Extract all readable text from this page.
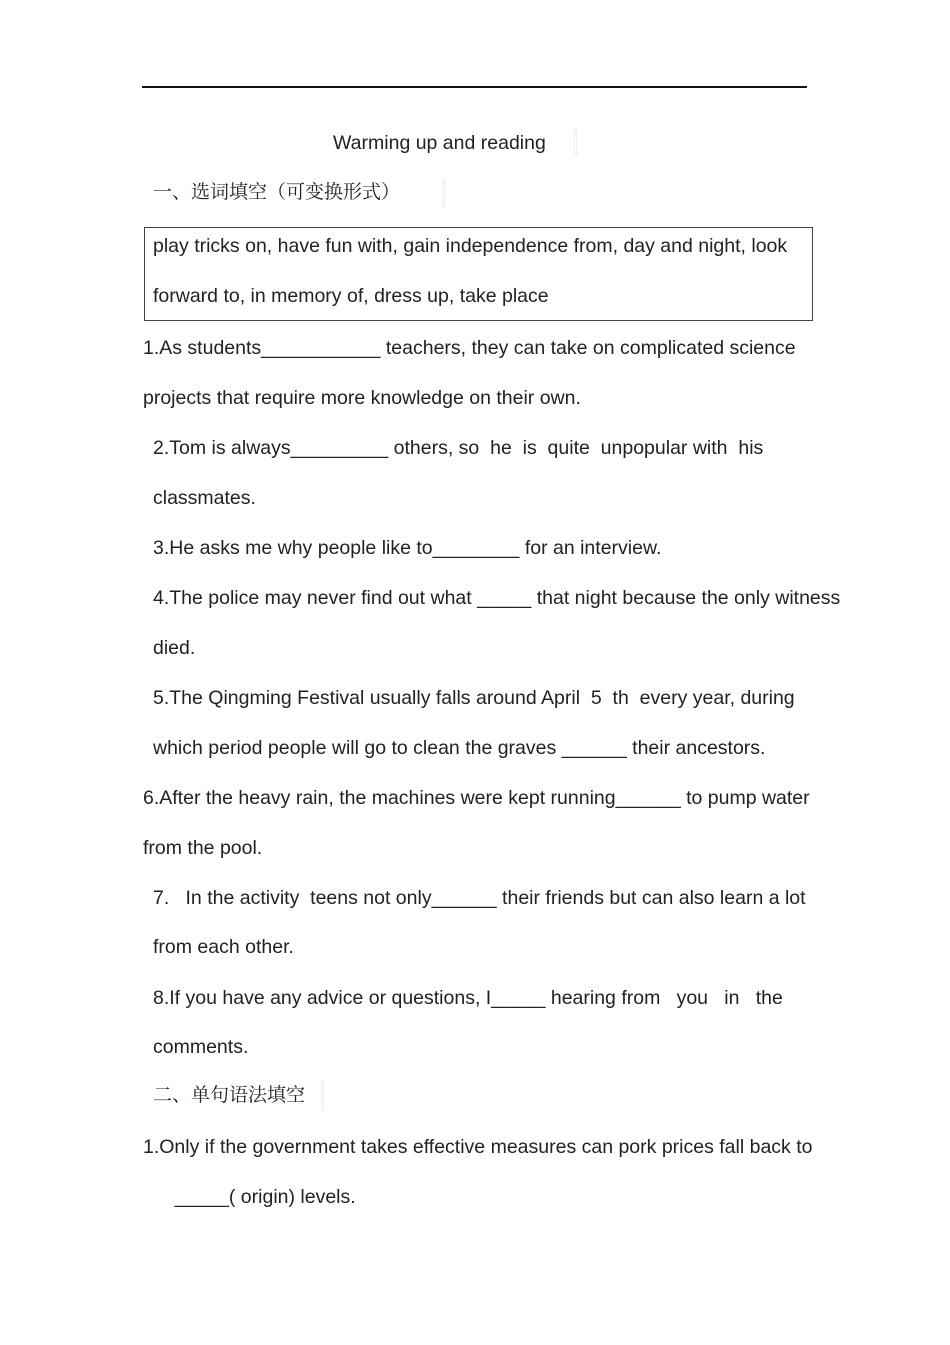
Warming up and reading
一、选词填空（可变换形式）
play tricks on, have fun with, gain independence from, day and night, look
forward to, in memory of, dress up, take place
1.As students___________ teachers, they can take on complicated science
projects that require more knowledge on their own.
2.Tom is always_________ others, so  he  is  quite  unpopular with  his
classmates.
3.He asks me why people like to________ for an interview.
4.The police may never find out what _____ that night because the only witness
died.
5.The Qingming Festival usually falls around April  5  th  every year, during
which period people will go to clean the graves ______ their ancestors.
6.After the heavy rain, the machines were kept running______ to pump water
from the pool.
7.   In the activity  teens not only______ their friends but can also learn a lot
from each other.
8.If you have any advice or questions, I_____ hearing from   you   in   the
comments.
二、单句语法填空
1.Only if the government takes effective measures can pork prices fall back to
_____( origin) levels.
